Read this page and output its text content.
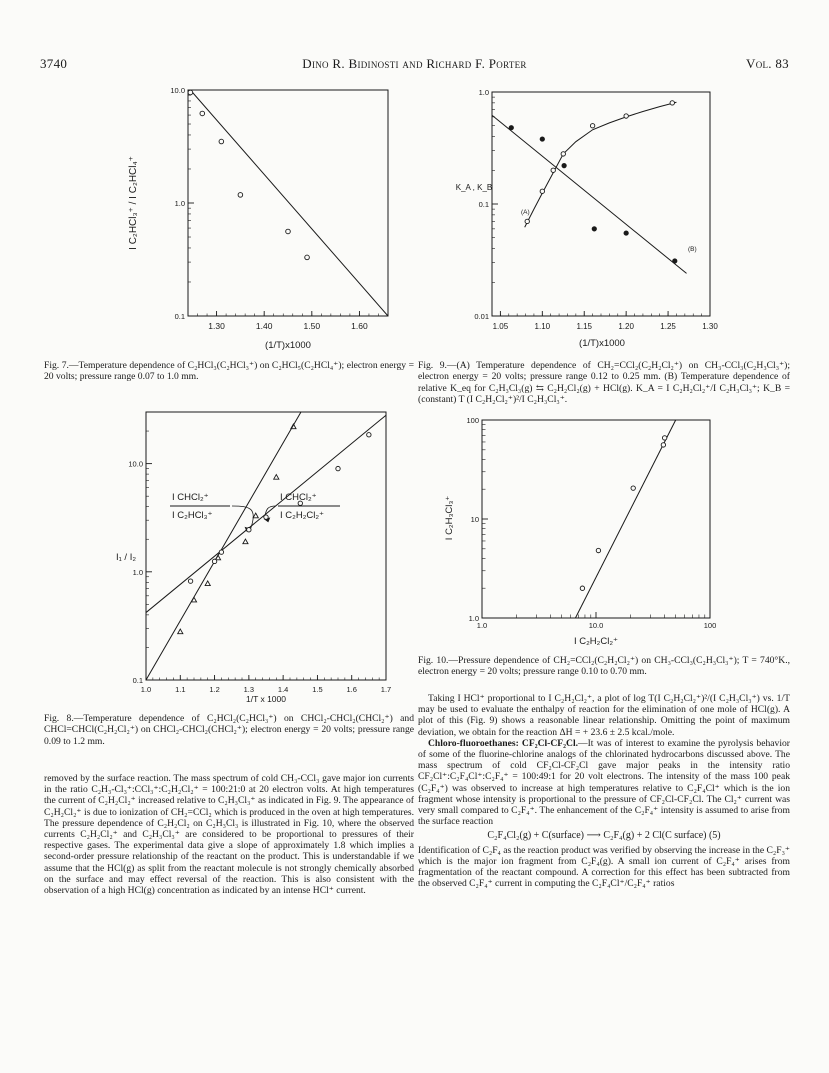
3740	Dino R. Bidinosti and Richard F. Porter	Vol. 83
1.30	1.40	1.50	1.60
0.1
1.0
10.0
I C₂HCl₃⁺ / I C₂HCl₄⁺
(1/T)x1000
Fig. 7.—Temperature dependence of C₂HCl₃(C₂HCl₃⁺) on C₂HCl₅(C₂HCl₄⁺); electron energy = 20 volts; pressure range 0.07 to 1.0 mm.
1.05	1.10	1.15	1.20	1.25	1.30
0.01
0.1
1.0
K_A , K_B
(1/T)x1000
(A)
(B)
Fig. 9.—(A) Temperature dependence of CH₂=CCl₂(C₂H₂Cl₂⁺) on CH₃-CCl₃(C₂H₃Cl₃⁺); electron energy = 20 volts; pressure range 0.12 to 0.25 mm. (B) Temperature dependence of relative K_eq for C₂H₃Cl₃(g) ⇆ C₂H₂Cl₂(g) + HCl(g). K_A = I C₂H₂Cl₂⁺/I C₂H₃Cl₃⁺; K_B = (constant) T (I C₂H₂Cl₂⁺)²/I C₂H₃Cl₃⁺.
1.0	1.1	1.2	1.3	1.4	1.5	1.6	1.7
0.1
1.0
10.0
I₁ / I₂
1/T x 1000
I CHCl₂⁺
I C₂HCl₃⁺
I CHCl₂⁺
I C₂H₂Cl₂⁺
Fig. 8.—Temperature dependence of C₂HCl₂(C₂HCl₃⁺) on CHCl₂-CHCl₂(CHCl₂⁺) and CHCl=CHCl(C₂H₂Cl₂⁺) on CHCl₂-CHCl₂(CHCl₂⁺); electron energy = 20 volts; pressure range 0.09 to 1.2 mm.
1.0	10.0	100
1.0
10
100
I C₂H₃Cl₃⁺
I C₂H₂Cl₂⁺
Fig. 10.—Pressure dependence of CH₂=CCl₂(C₂H₂Cl₂⁺) on CH₃-CCl₃(C₂H₃Cl₃⁺); T = 740°K., electron energy = 20 volts; pressure range 0.10 to 0.70 mm.

removed by the surface reaction. The mass spectrum of cold CH₃-CCl₃ gave major ion currents in the ratio C₂H₃-Cl₃⁺:CCl₃⁺:C₂H₂Cl₂⁺ = 100:21:0 at 20 electron volts. At high temperatures the current of C₂H₂Cl₂⁺ increased relative to C₂H₃Cl₃⁺ as indicated in Fig. 9. The appearance of C₂H₂Cl₂⁺ is due to ionization of CH₂=CCl₂ which is produced in the oven at high temperatures. The pressure dependence of C₂H₂Cl₂ on C₂H₃Cl₃ is illustrated in Fig. 10, where the observed currents C₂H₂Cl₂⁺ and C₂H₃Cl₃⁺ are considered to be proportional to pressures of their respective gases. The experimental data give a slope of approximately 1.8 which implies a second-order pressure relationship of the reactant on the product. This is understandable if we assume that the HCl(g) as split from the reactant molecule is not strongly chemically absorbed on the surface and may effect reversal of the reaction. This is also consistent with the observation of a high HCl(g) concentration as indicated by an intense HCl⁺ current.

Taking I HCl⁺ proportional to I C₂H₂Cl₂⁺, a plot of log T(I C₂H₂Cl₂⁺)²/(I C₂H₃Cl₃⁺) vs. 1/T may be used to evaluate the enthalpy of reaction for the elimination of one mole of HCl(g). A plot of this (Fig. 9) shows a reasonable linear relationship. Omitting the point of maximum deviation, we obtain for the reaction ΔH = + 23.6 ± 2.5 kcal./mole.

Chloro-fluoroethanes: CF₂Cl-CF₂Cl.—It was of interest to examine the pyrolysis behavior of some of the fluorine-chlorine analogs of the chlorinated hydrocarbons discussed above. The mass spectrum of cold CF₂Cl-CF₂Cl gave major peaks in the intensity ratio CF₂Cl⁺:C₂F₄Cl⁺:C₂F₄⁺ = 100:49:1 for 20 volt electrons. The intensity of the mass 100 peak (C₂F₄⁺) was observed to increase at high temperatures relative to C₂F₄Cl⁺ which is the ion fragment whose intensity is proportional to the pressure of CF₂Cl-CF₂Cl. The Cl₂⁺ current was very small compared to C₂F₄⁺. The enhancement of the C₂F₄⁺ intensity is assumed to arise from the surface reaction

C₂F₄Cl₂(g) + C(surface) ⟶ C₂F₄(g) + 2 Cl(C surface) (5)

Identification of C₂F₄ as the reaction product was verified by observing the increase in the C₂F₃⁺ which is the major ion fragment from C₂F₄(g). A small ion current of C₂F₄⁺ arises from fragmentation of the reactant compound. A correction for this effect has been subtracted from the observed C₂F₄⁺ current in computing the C₂F₄Cl⁺/C₂F₄⁺ ratios
